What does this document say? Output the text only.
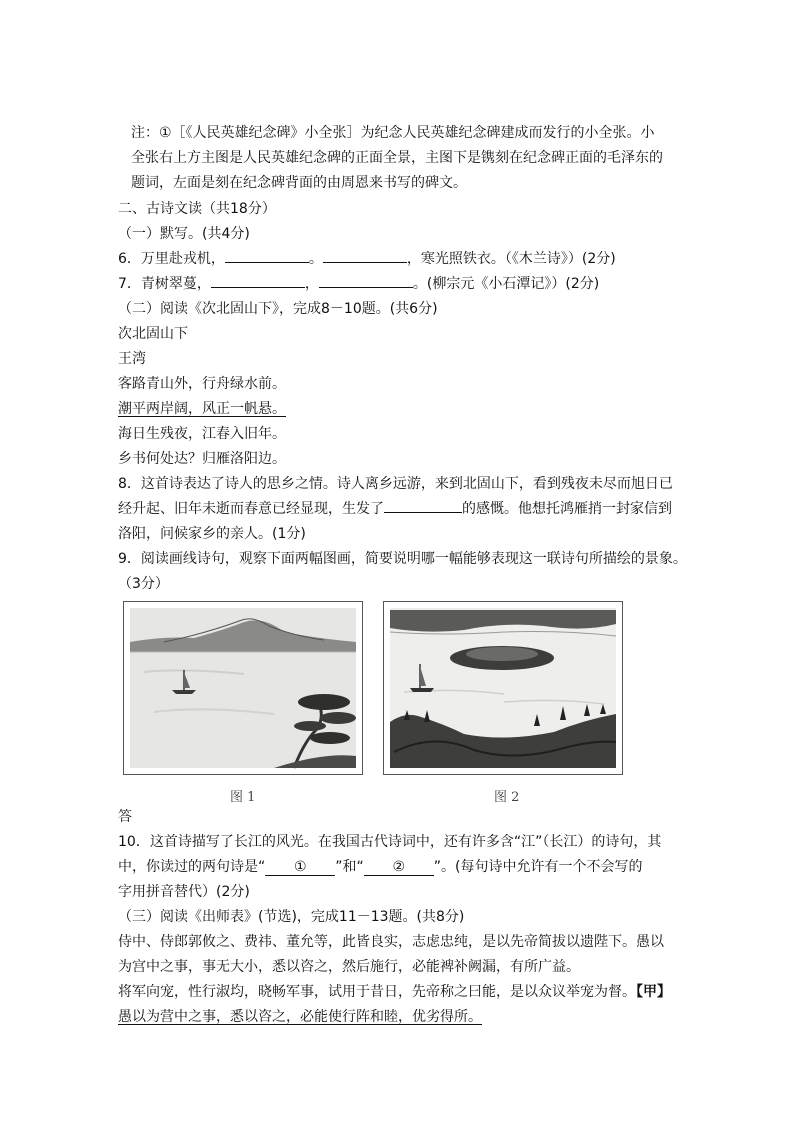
注：①［《人民英雄纪念碑》小全张］为纪念人民英雄纪念碑建成而发行的小全张。小
全张右上方主图是人民英雄纪念碑的正面全景，主图下是镌刻在纪念碑正面的毛泽东的
题词，左面是刻在纪念碑背面的由周恩来书写的碑文。
二、古诗文读（共18分）
（一）默写。(共4分)
6．万里赴戎机，	。	，寒光照铁衣。（《木兰诗》）(2分)
7．青树翠蔓，	，	。(柳宗元《小石潭记》）(2分)
（二）阅读《次北固山下》，完成8－10题。(共6分)
次北固山下
王湾
客路青山外，行舟绿水前。
潮平两岸阔，风正一帆悬。
海日生残夜，江春入旧年。
乡书何处达？归雁洛阳边。
8．这首诗表达了诗人的思乡之情。诗人离乡远游，来到北固山下，看到残夜未尽而旭日已
经升起、旧年未逝而春意已经显现，生发了	的感慨。他想托鸿雁捎一封家信到
洛阳，问候家乡的亲人。(1分)
9．阅读画线诗句，观察下面两幅图画，简要说明哪一幅能够表现这一联诗句所描绘的景象。
（3分）
图 1	图 2
答
10．这首诗描写了长江的风光。在我国古代诗词中，还有许多含“江”（长江）的诗句，其
中，你读过的两句诗是“ ① ”和“ ② ”。(每句诗中允许有一个不会写的
字用拼音替代）(2分)
（三）阅读《出师表》(节选)，完成11－13题。(共8分)
侍中、侍郎郭攸之、费祎、董允等，此皆良实，志虑忠纯，是以先帝简拔以遗陛下。愚以
为宫中之事，事无大小，悉以咨之，然后施行，必能裨补阙漏，有所广益。
将军向宠，性行淑均，晓畅军事，试用于昔日，先帝称之曰能，是以众议举宠为督。【甲】
愚以为营中之事，悉以咨之，必能使行阵和睦，优劣得所。
